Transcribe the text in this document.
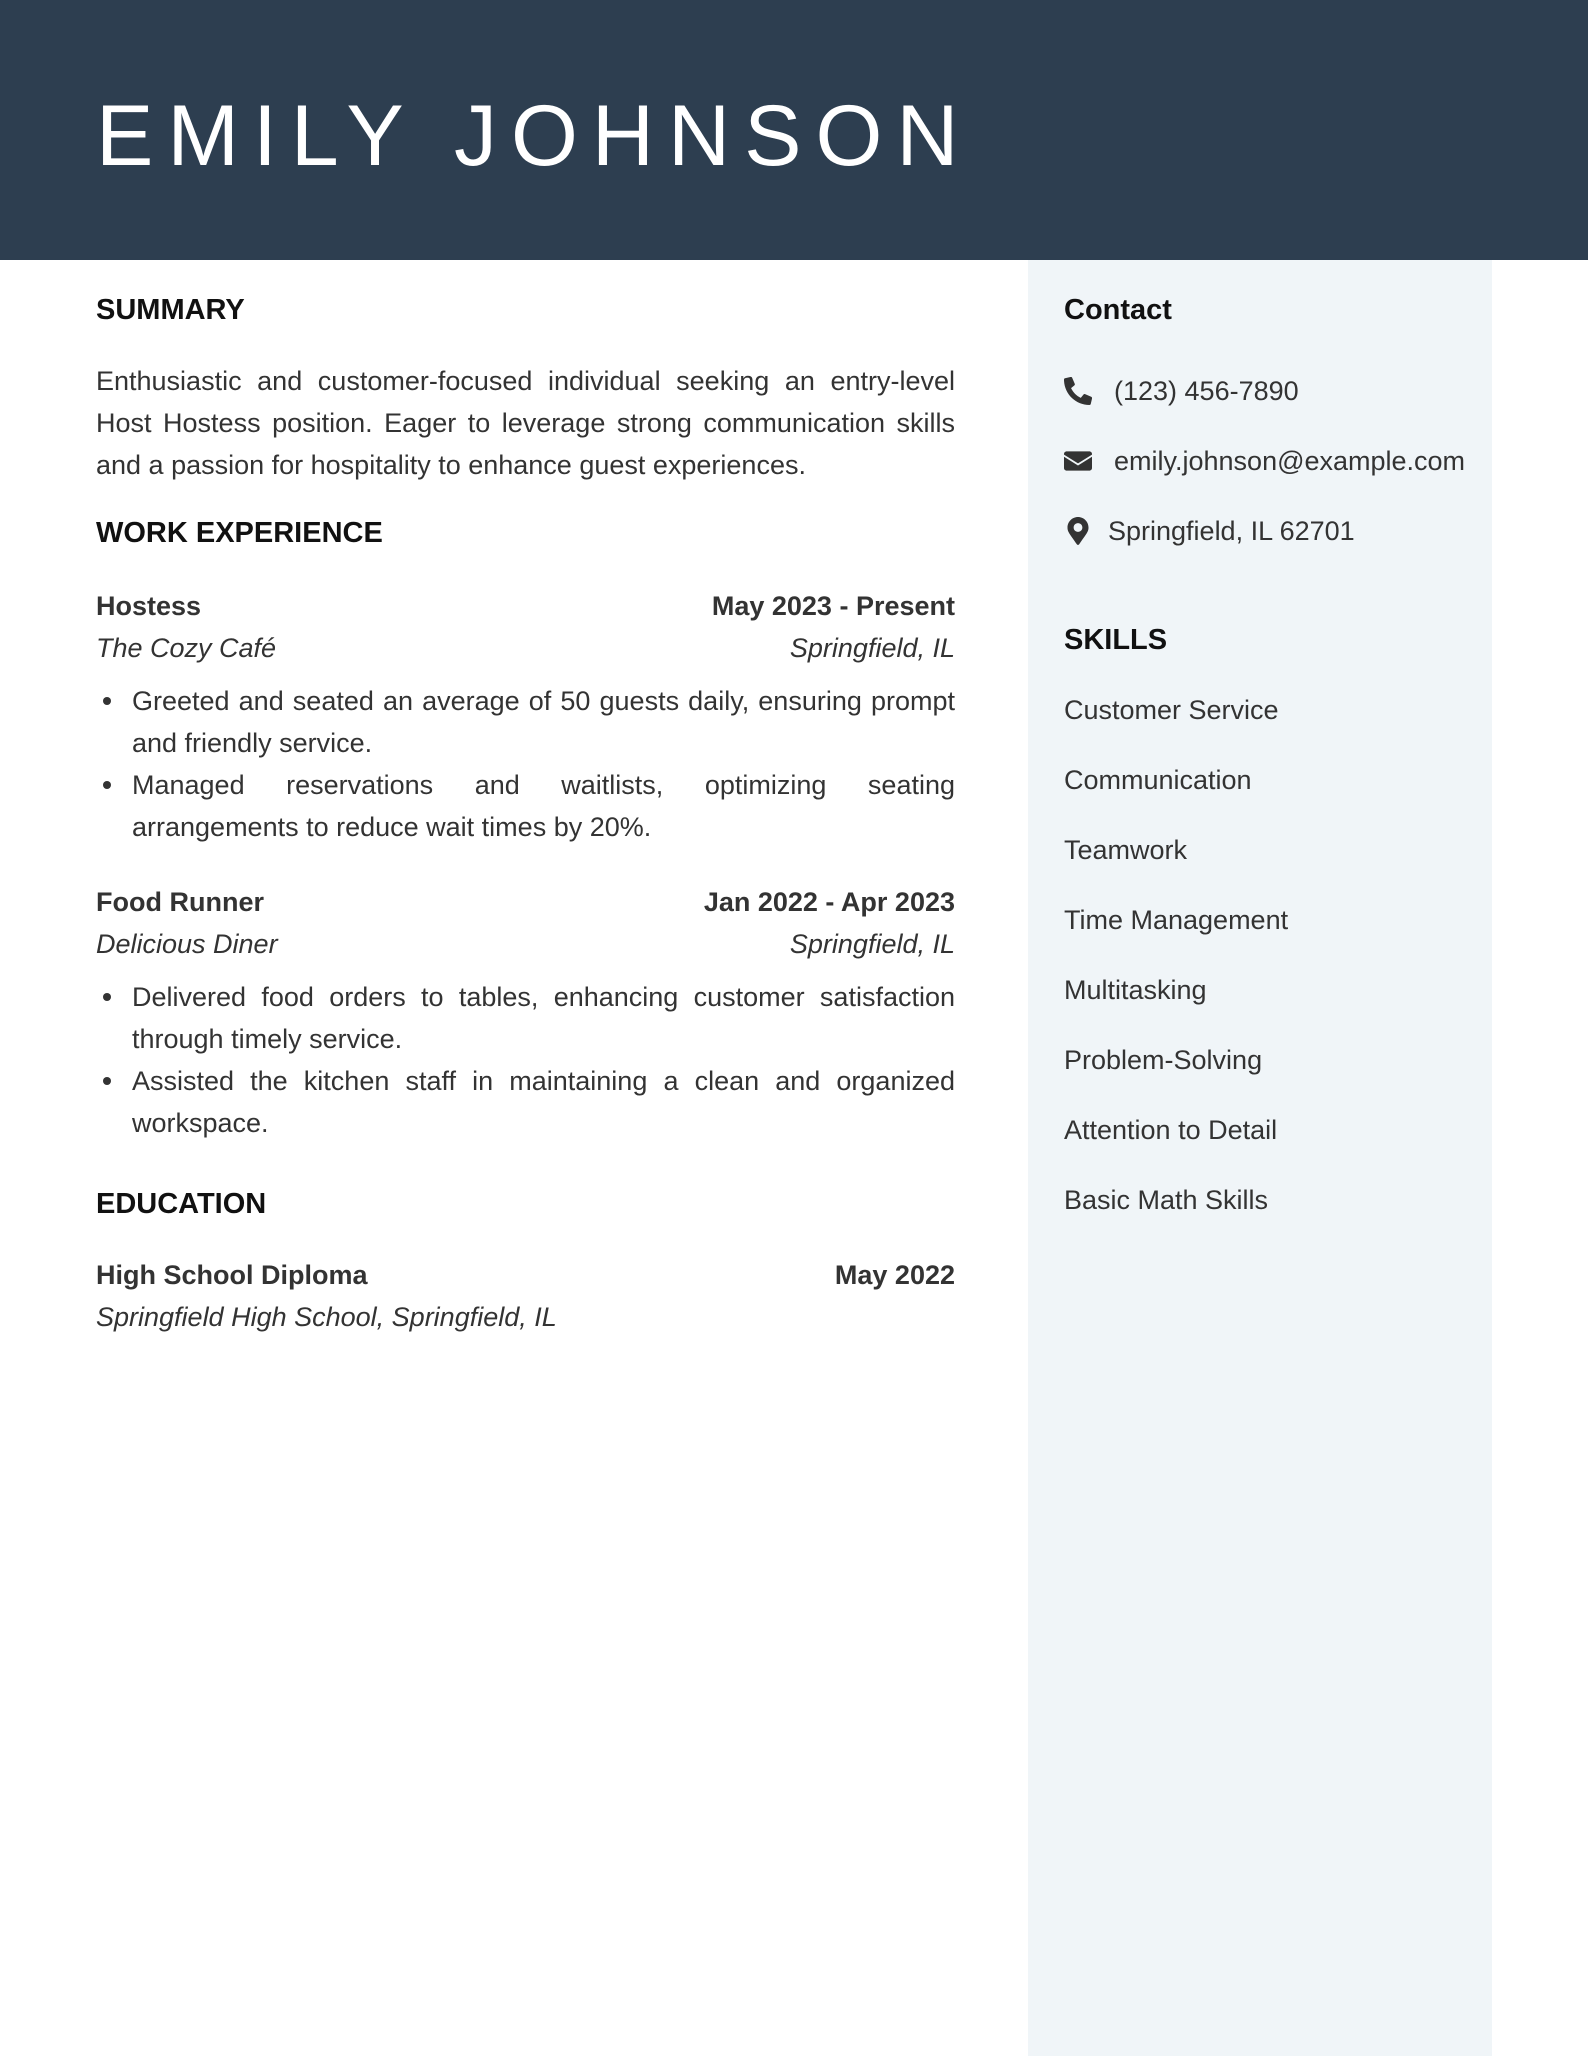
EMILY JOHNSON
Contact
(123) 456-7890
emily.johnson@example.com
Springfield, IL 62701
SKILLS
Customer Service
Communication
Teamwork
Time Management
Multitasking
Problem-Solving
Attention to Detail
Basic Math Skills
SUMMARY
Enthusiastic and customer-focused individual seeking an entry-level Host Hostess position. Eager to leverage strong communication skills and a passion for hospitality to enhance guest experiences.
WORK EXPERIENCE
Hostess	May 2023 - Present
The Cozy Café	Springfield, IL
Greeted and seated an average of 50 guests daily, ensuring prompt and friendly service.
Managed reservations and waitlists, optimizing seating arrangements to reduce wait times by 20%.
Food Runner	Jan 2022 - Apr 2023
Delicious Diner	Springfield, IL
Delivered food orders to tables, enhancing customer satisfaction through timely service.
Assisted the kitchen staff in maintaining a clean and organized workspace.
EDUCATION
High School Diploma	May 2022
Springfield High School, Springfield, IL
